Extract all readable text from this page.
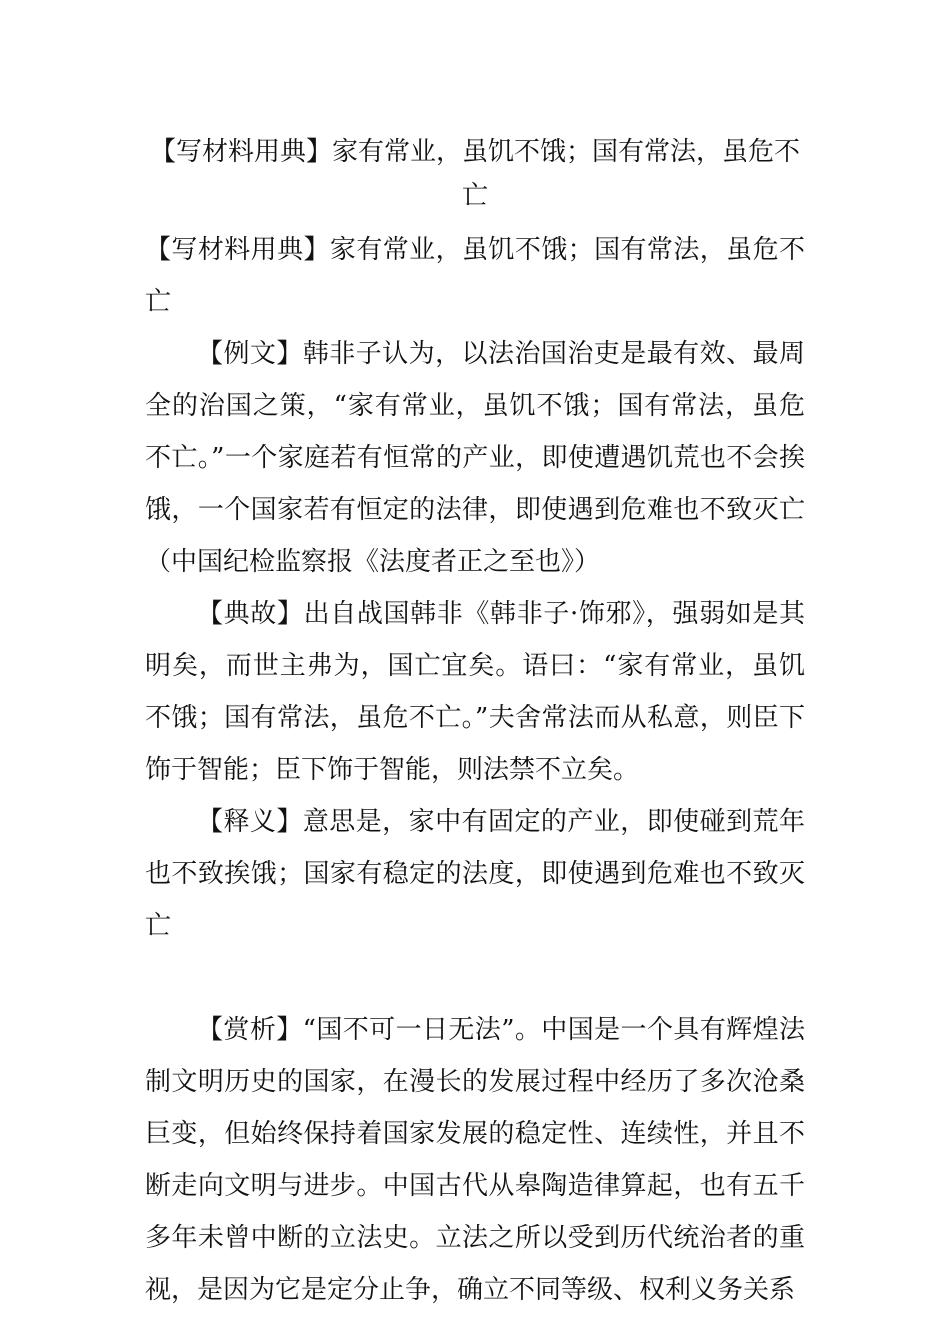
【写材料用典】家有常业，虽饥不饿；国有常法，虽危不亡

【写材料用典】家有常业，虽饥不饿；国有常法，虽危不亡

【例文】韩非子认为，以法治国治吏是最有效、最周全的治国之策，“家有常业，虽饥不饿；国有常法，虽危不亡。”一个家庭若有恒常的产业，即使遭遇饥荒也不会挨饿，一个国家若有恒定的法律，即使遇到危难也不致灭亡（中国纪检监察报《法度者正之至也》）

【典故】出自战国韩非《韩非子·饰邪》，强弱如是其明矣，而世主弗为，国亡宜矣。语曰：“家有常业，虽饥不饿；国有常法，虽危不亡。”夫舍常法而从私意，则臣下饰于智能；臣下饰于智能，则法禁不立矣。

【释义】意思是，家中有固定的产业，即使碰到荒年也不致挨饿；国家有稳定的法度，即使遇到危难也不致灭亡

【赏析】“国不可一日无法”。中国是一个具有辉煌法制文明历史的国家，在漫长的发展过程中经历了多次沧桑巨变，但始终保持着国家发展的稳定性、连续性，并且不断走向文明与进步。中国古代从皋陶造律算起，也有五千多年未曾中断的立法史。立法之所以受到历代统治者的重视，是因为它是定分止争，确立不同等级、权利义务关系
